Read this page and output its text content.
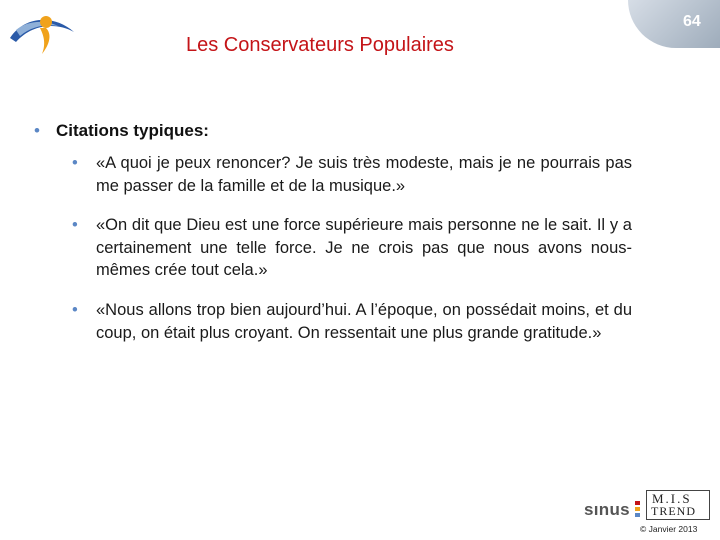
Les Conservateurs Populaires
64
• Citations typiques:
•	«A quoi je peux renoncer? Je suis très modeste, mais je ne pourrais pas me passer de la famille et de la musique.»
•	«On dit que Dieu est une force supérieure mais personne ne le sait. Il y a certainement une telle force. Je ne crois pas que nous avons nous-mêmes crée tout cela.»
•	«Nous allons trop bien aujourd’hui. A l’époque, on possédait moins, et du coup, on était plus croyant. On ressentait une plus grande gratitude.»
sınus
M.I.S
TREND
© Janvier 2013
